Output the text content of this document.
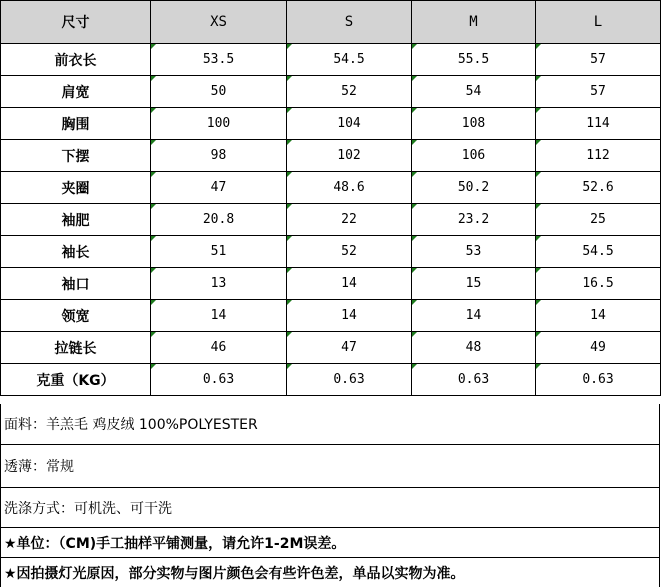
尺寸	XS	S	M	L
前衣长	53.5	54.5	55.5	57
肩宽	50	52	54	57
胸围	100	104	108	114
下摆	98	102	106	112
夹圈	47	48.6	50.2	52.6
袖肥	20.8	22	23.2	25
袖长	51	52	53	54.5
袖口	13	14	15	16.5
领宽	14	14	14	14
拉链长	46	47	48	49
克重（KG）	0.63	0.63	0.63	0.63
面料：羊羔毛 鸡皮绒 100%POLYESTER
透薄：常规
洗涤方式：可机洗、可干洗
★单位：（CM)手工抽样平铺测量，请允许1-2M误差。
★因拍摄灯光原因，部分实物与图片颜色会有些许色差，单品以实物为准。
